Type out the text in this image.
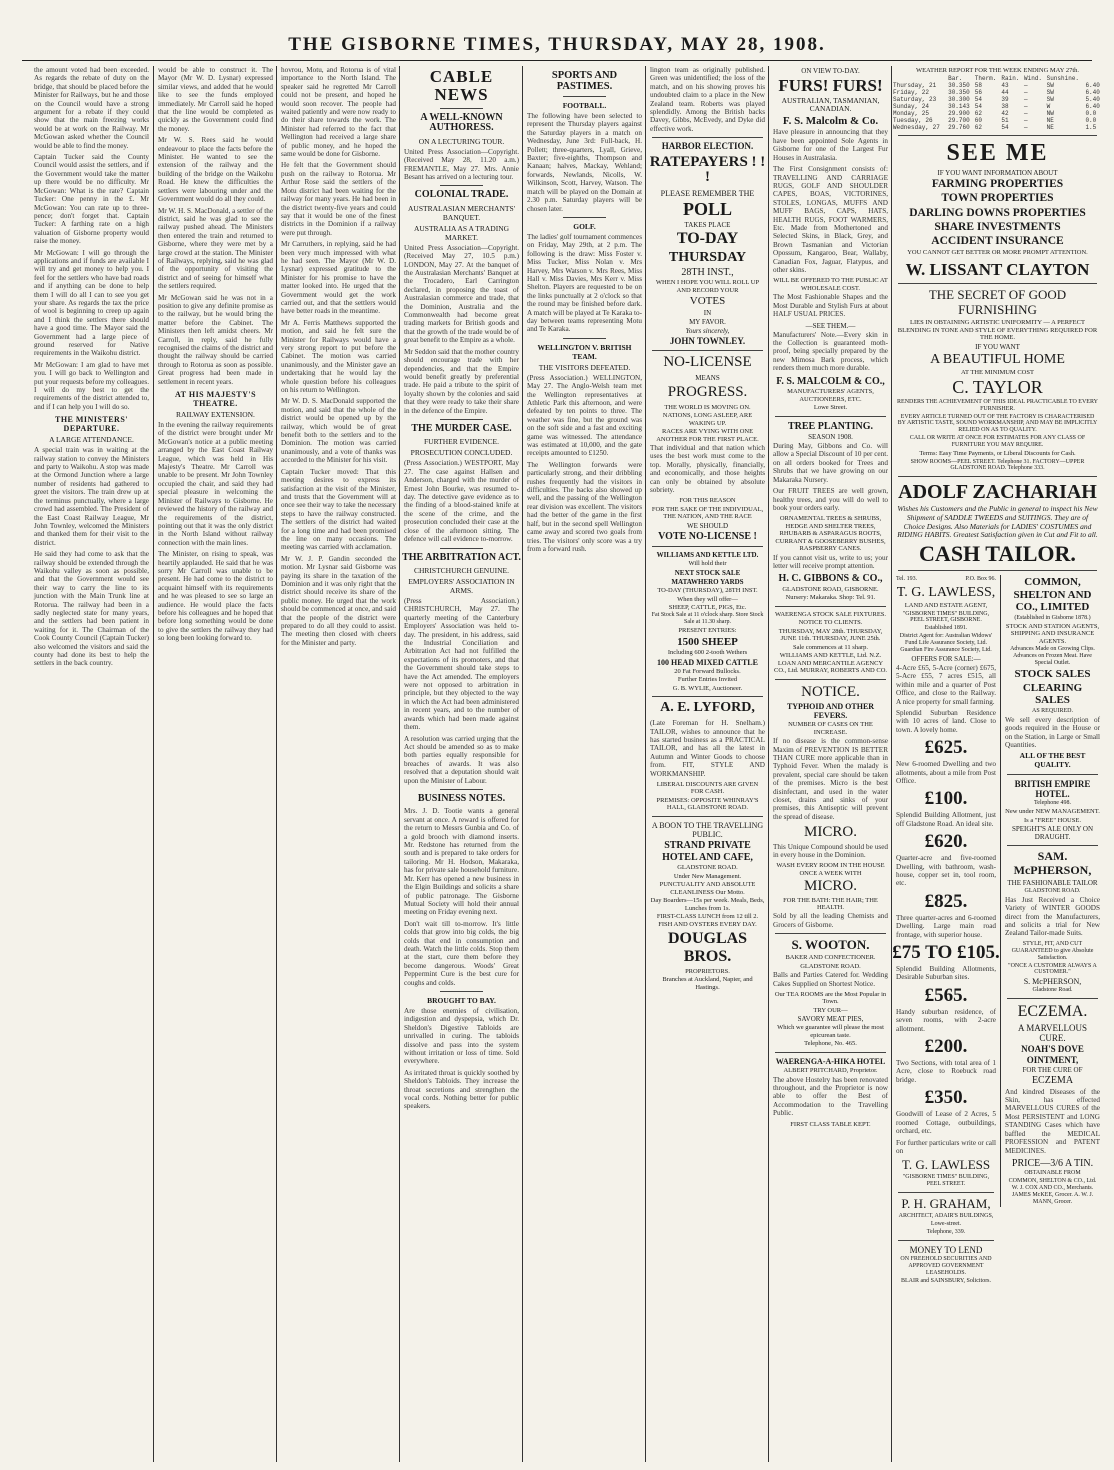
THE GISBORNE TIMES, THURSDAY, MAY 28, 1908.

the amount voted had been exceeded. As regards the rebate of duty on the bridge, that should be placed before the Minister for Railways, but he and those on the Council would have a strong argument for a rebate if they could show that the main freezing works would be at work on the Railway. Mr McGowan asked whether the Council would be able to find the money.

Captain Tucker said the County Council would assist the settlers, and if the Government would take the matter up there would be no difficulty. Mr McGowan: What is the rate? Captain Tucker: One penny in the £. Mr McGowan: You can rate up to three-pence; don't forget that. Captain Tucker: A farthing rate on a high valuation of Gisborne property would raise the money.

Mr McGowan: I will go through the applications and if funds are available I will try and get money to help you. I feel for the settlers who have bad roads and if anything can be done to help them I will do all I can to see you get your share. As regards the tax the price of wool is beginning to creep up again and I think the settlers there should have a good time. The Mayor said the Government had a large piece of ground reserved for Native requirements in the Waikohu district.

Mr McGowan: I am glad to have met you. I will go back to Wellington and put your requests before my colleagues. I will do my best to get the requirements of the district attended to, and if I can help you I will do so.

THE MINISTERS' DEPARTURE.
A LARGE ATTENDANCE.

A special train was in waiting at the railway station to convey the Ministers and party to Waikohu. A stop was made at the Ormond Junction where a large number of residents had gathered to greet the visitors. The train drew up at the terminus punctually, where a large crowd had assembled. The President of the East Coast Railway League, Mr John Townley, welcomed the Ministers and thanked them for their visit to the district.

He said they had come to ask that the railway should be extended through the Waikohu valley as soon as possible, and that the Government would see their way to carry the line to its junction with the Main Trunk line at Rotorua. The railway had been in a sadly neglected state for many years, and the settlers had been patient in waiting for it. The Chairman of the Cook County Council (Captain Tucker) also welcomed the visitors and said the county had done its best to help the settlers in the back country.

would be able to construct it. The Mayor (Mr W. D. Lysnar) expressed similar views, and added that he would like to see the funds employed immediately. Mr Carroll said he hoped that the line would be completed as quickly as the Government could find the money.

Mr W. S. Rees said he would endeavour to place the facts before the Minister. He wanted to see the extension of the railway and the building of the bridge on the Waikohu Road. He knew the difficulties the settlers were labouring under and the Government would do all they could.

Mr W. H. S. MacDonald, a settler of the district, said he was glad to see the railway pushed ahead. The Ministers then entered the train and returned to Gisborne, where they were met by a large crowd at the station. The Minister of Railways, replying, said he was glad of the opportunity of visiting the district and of seeing for himself what the settlers required.

Mr McGowan said he was not in a position to give any definite promise as to the railway, but he would bring the matter before the Cabinet. The Ministers then left amidst cheers. Mr Carroll, in reply, said he fully recognised the claims of the district and thought the railway should be carried through to Rotorua as soon as possible. Great progress had been made in settlement in recent years.

AT HIS MAJESTY'S THEATRE.
RAILWAY EXTENSION.

In the evening the railway requirements of the district were brought under Mr McGowan's notice at a public meeting arranged by the East Coast Railway League, which was held in His Majesty's Theatre. Mr Carroll was unable to be present. Mr John Townley occupied the chair, and said they had special pleasure in welcoming the Minister of Railways to Gisborne. He reviewed the history of the railway and the requirements of the district, pointing out that it was the only district in the North Island without railway connection with the main lines.

The Minister, on rising to speak, was heartily applauded. He said that he was sorry Mr Carroll was unable to be present. He had come to the district to acquaint himself with its requirements and he was pleased to see so large an audience. He would place the facts before his colleagues and he hoped that before long something would be done to give the settlers the railway they had so long been looking forward to.

hovrou, Motu, and Rotorua is of vital importance to the North Island. The speaker said he regretted Mr Carroll could not be present, and hoped he would soon recover. The people had waited patiently and were now ready to do their share towards the work. The Minister had referred to the fact that Wellington had received a large share of public money, and he hoped the same would be done for Gisborne.

He felt that the Government should push on the railway to Rotorua. Mr Arthur Rose said the settlers of the Motu district had been waiting for the railway for many years. He had been in the district twenty-five years and could say that it would be one of the finest districts in the Dominion if a railway were put through.

Mr Carruthers, in replying, said he had been very much impressed with what he had seen. The Mayor (Mr W. D. Lysnar) expressed gratitude to the Minister for his promise to have the matter looked into. He urged that the Government would get the work carried out, and that the settlers would have better roads in the meantime.

Mr A. Ferris Matthews supported the motion, and said he felt sure the Minister for Railways would have a very strong report to put before the Cabinet. The motion was carried unanimously, and the Minister gave an undertaking that he would lay the whole question before his colleagues on his return to Wellington.

Mr W. D. S. MacDonald supported the motion, and said that the whole of the district would be opened up by the railway, which would be of great benefit both to the settlers and to the Dominion. The motion was carried unanimously, and a vote of thanks was accorded to the Minister for his visit.

Captain Tucker moved: That this meeting desires to express its satisfaction at the visit of the Minister, and trusts that the Government will at once see their way to take the necessary steps to have the railway constructed. The settlers of the district had waited for a long time and had been promised the line on many occasions. The meeting was carried with acclamation.

Mr W. J. P. Gandin seconded the motion. Mr Lysnar said Gisborne was paying its share in the taxation of the Dominion and it was only right that the district should receive its share of the public money. He urged that the work should be commenced at once, and said that the people of the district were prepared to do all they could to assist. The meeting then closed with cheers for the Minister and party.

CABLE NEWS
A WELL-KNOWN AUTHORESS.
ON A LECTURING TOUR.

United Press Association—Copyright. (Received May 28, 11.20 a.m.) FREMANTLE, May 27. Mrs. Annie Besant has arrived on a lecturing tour.

COLONIAL TRADE.
AUSTRALASIAN MERCHANTS' BANQUET.
AUSTRALIA AS A TRADING MARKET.

United Press Association—Copyright. (Received May 27, 10.5 p.m.) LONDON, May 27. At the banquet of the Australasian Merchants' Banquet at the Trocadero, Earl Carrington declared, in proposing the toast of Australasian commerce and trade, that the Dominion, Australia and the Commonwealth had become great trading markets for British goods and that the growth of the trade would be of great benefit to the Empire as a whole.

Mr Seddon said that the mother country should encourage trade with her dependencies, and that the Empire would benefit greatly by preferential trade. He paid a tribute to the spirit of loyalty shown by the colonies and said that they were ready to take their share in the defence of the Empire.

THE MURDER CASE.
FURTHER EVIDENCE.
PROSECUTION CONCLUDED.

(Press Association.) WESTPORT, May 27. The case against Hallsen and Anderson, charged with the murder of Ernest John Bourke, was resumed to-day. The detective gave evidence as to the finding of a blood-stained knife at the scene of the crime, and the prosecution concluded their case at the close of the afternoon sitting. The defence will call evidence to-morrow.

THE ARBITRATION ACT.
CHRISTCHURCH GENUINE.
EMPLOYERS' ASSOCIATION IN ARMS.

(Press Association.) CHRISTCHURCH, May 27. The quarterly meeting of the Canterbury Employers' Association was held to-day. The president, in his address, said the Industrial Conciliation and Arbitration Act had not fulfilled the expectations of its promoters, and that the Government should take steps to have the Act amended. The employers were not opposed to arbitration in principle, but they objected to the way in which the Act had been administered in recent years, and to the number of awards which had been made against them.

A resolution was carried urging that the Act should be amended so as to make both parties equally responsible for breaches of awards. It was also resolved that a deputation should wait upon the Minister of Labour.

BUSINESS NOTES.

Mrs. J. D. Tootie wants a general servant at once. A reward is offered for the return to Messrs Gunbia and Co. of a gold brooch with diamond inserts. Mr. Redstone has returned from the south and is prepared to take orders for tailoring. Mr H. Hodson, Makaraka, has for private sale household furniture. Mr. Kerr has opened a new business in the Elgin Buildings and solicits a share of public patronage. The Gisborne Mutual Society will hold their annual meeting on Friday evening next.

Don't wait till to-morrow. It's little colds that grow into big colds, the big colds that end in consumption and death. Watch the little colds. Stop them at the start, cure them before they become dangerous. Woods' Great Peppermint Cure is the best cure for coughs and colds.

BROUGHT TO BAY.

Are those enemies of civilisation, indigestion and dyspepsia, which Dr. Sheldon's Digestive Tabloids are unrivalled in curing. The tabloids dissolve and pass into the system without irritation or loss of time. Sold everywhere.

As irritated throat is quickly soothed by Sheldon's Tabloids. They increase the throat secretions and strengthen the vocal cords. Nothing better for public speakers.

SPORTS AND PASTIMES.
FOOTBALL.

The following have been selected to represent the Thursday players against the Saturday players in a match on Wednesday, June 3rd: Full-back, H. Pollett; three-quarters, Lyall, Grieve, Baxter; five-eighths, Thompson and Kanaan; halves, Mackay, Wehland; forwards, Newlands, Nicolls, W. Wilkinson, Scott, Harvey, Watson. The match will be played on the Domain at 2.30 p.m. Saturday players will be chosen later.

GOLF.

The ladies' golf tournament commences on Friday, May 29th, at 2 p.m. The following is the draw: Miss Foster v. Miss Tucker, Miss Nolan v. Mrs Harvey, Mrs Watson v. Mrs Rees, Miss Hall v. Miss Davies, Mrs Kerr v. Miss Shelton. Players are requested to be on the links punctually at 2 o'clock so that the round may be finished before dark. A match will be played at Te Karaka to-day between teams representing Motu and Te Karaka.

WELLINGTON V. BRITISH TEAM.
THE VISITORS DEFEATED.

(Press Association.) WELLINGTON, May 27. The Anglo-Welsh team met the Wellington representatives at Athletic Park this afternoon, and were defeated by ten points to three. The weather was fine, but the ground was on the soft side and a fast and exciting game was witnessed. The attendance was estimated at 10,000, and the gate receipts amounted to £1250.

The Wellington forwards were particularly strong, and their dribbling rushes frequently had the visitors in difficulties. The backs also showed up well, and the passing of the Wellington rear division was excellent. The visitors had the better of the game in the first half, but in the second spell Wellington came away and scored two goals from tries. The visitors' only score was a try from a forward rush.

lington team as originally published. Green was unidentified; the loss of the match, and on his showing proves his undoubted claim to a place in the New Zealand team. Roberts was played splendidly. Among the British backs Davey, Gibbs, McEvedy, and Dyke did effective work.

HARBOR ELECTION.
RATEPAYERS ! ! !
PLEASE REMEMBER THE
POLL
TAKES PLACE
TO-DAY
THURSDAY
28TH INST.,
WHEN I HOPE YOU WILL ROLL UP AND RECORD YOUR
VOTES
IN
MY FAVOR.
Yours sincerely,
JOHN TOWNLEY.
NO-LICENSE
MEANS
PROGRESS.
THE WORLD IS MOVING ON.
NATIONS, LONG ASLEEP, ARE WAKING UP.
RACES ARE VYING WITH ONE ANOTHER FOR THE FIRST PLACE.

That individual and that nation which uses the best work must come to the top. Morally, physically, financially, and economically, and those heights can only be obtained by absolute sobriety.

FOR THIS REASON
FOR THE SAKE OF THE INDIVIDUAL, THE NATION, AND THE RACE
WE SHOULD
VOTE NO-LICENSE !
WILLIAMS AND KETTLE LTD.
Will hold their
NEXT STOCK SALE
MATAWHERO YARDS
TO-DAY (THURSDAY), 28TH INST.
When they will offer—
SHEEP, CATTLE, PIGS, Etc.
Fat Stock Sale at 11 o'clock sharp. Store Stock Sale at 11.30 sharp.
PRESENT ENTRIES:
1500 SHEEP
Including 600 2-tooth Wethers
100 HEAD MIXED CATTLE
20 Fat Forward Bullocks.
Further Entries Invited
G. B. WYLIE, Auctioneer.
A. E. LYFORD,

(Late Foreman for H. Snelham.) TAILOR, wishes to announce that he has started business as a PRACTICAL TAILOR, and has all the latest in Autumn and Winter Goods to choose from. FIT, STYLE AND WORKMANSHIP.

LIBERAL DISCOUNTS ARE GIVEN FOR CASH.
PREMISES: OPPOSITE WHINRAY'S HALL, GLADSTONE ROAD.
A BOON TO THE TRAVELLING PUBLIC.
STRAND PRIVATE HOTEL AND CAFE,
GLADSTONE ROAD.
Under New Management.
PUNCTUALITY AND ABSOLUTE CLEANLINESS Our Motto.
Day Boarders—15s per week. Meals, Beds, Lunches from 1s.
FIRST-CLASS LUNCH from 12 till 2.
FISH AND OYSTERS EVERY DAY.
DOUGLAS BROS.
PROPRIETORS.
Branches at Auckland, Napier, and Hastings.
ON VIEW TO-DAY.
FURS! FURS!
AUSTRALIAN, TASMANIAN, CANADIAN.
F. S. Malcolm & Co.

Have pleasure in announcing that they have been appointed Sole Agents in Gisborne for one of the Largest Fur Houses in Australasia.

The First Consignment consists of: TRAVELLING AND CARRIAGE RUGS, GOLF AND SHOULDER CAPES, BOAS, VICTORINES, STOLES, LONGAS, MUFFS AND MUFF BAGS, CAPS, HATS, HEALTH RUGS, FOOT WARMERS, Etc. Made from Mothertoned and Selected Skins, in Black, Grey, and Brown Tasmanian and Victorian Opossum, Kangaroo, Bear, Wallaby, Canadian Fox, Jaguar, Flatypus, and other skins.

WILL BE OFFERED TO THE PUBLIC AT WHOLESALE COST.

The Most Fashionable Shapes and the Most Durable and Stylish Furs at about HALF USUAL PRICES.

—SEE THEM.—

Manufacturers' Note.—Every skin in the Collection is guaranteed moth-proof, being specially prepared by the new Mimosa Bark process, which renders them much more durable.

F. S. MALCOLM & CO.,
MANUFACTURERS' AGENTS, AUCTIONEERS, ETC.
Lowe Street.
TREE PLANTING.
SEASON 1908.

During May, Gibbons and Co. will allow a Special Discount of 10 per cent. on all orders booked for Trees and Shrubs that we have growing on our Makaraka Nursery.

Our FRUIT TREES are well grown, healthy trees, and you will do well to book your orders early.

ORNAMENTAL TREES & SHRUBS, HEDGE AND SHELTER TREES, RHUBARB & ASPARAGUS ROOTS, CURRANT & GOOSEBERRY BUSHES, RASPBERRY CANES.

If you cannot visit us, write to us; your letter will receive prompt attention.

H. C. GIBBONS & CO.,
GLADSTONE ROAD, GISBORNE.
Nursery: Makaraka. Shop: Tel. 91.
WAERENGA STOCK SALE FIXTURES.
NOTICE TO CLIENTS.
THURSDAY, MAY 28th. THURSDAY, JUNE 11th. THURSDAY, JUNE 25th.
Sale commences at 11 sharp.
WILLIAMS AND KETTLE, Ltd. N.Z. LOAN AND MERCANTILE AGENCY CO., Ltd. MURRAY, ROBERTS AND CO.
NOTICE.
TYPHOID AND OTHER FEVERS.
NUMBER OF CASES ON THE INCREASE.

If no disease is the common-sense Maxim of PREVENTION IS BETTER THAN CURE more applicable than in Typhoid Fever. When the malady is prevalent, special care should be taken of the premises. Micro is the best disinfectant, and used in the water closet, drains and sinks of your premises, this Antiseptic will prevent the spread of disease.

MICRO.

This Unique Compound should be used in every house in the Dominion.

WASH EVERY ROOM IN THE HOUSE ONCE A WEEK WITH
MICRO.
FOR THE BATH: THE HAIR; THE HEALTH.

Sold by all the leading Chemists and Grocers of Gisborne.

S. WOOTON.
BAKER AND CONFECTIONER.
GLADSTONE ROAD.

Balls and Parties Catered for. Wedding Cakes Supplied on Shortest Notice.

Our TEA ROOMS are the Most Popular in Town.
TRY OUR—
SAVORY MEAT PIES,
Which we guarantee will please the most epicurean taste.
Telephone, No. 465.
WAERENGA-A-HIKA HOTEL
ALBERT PRITCHARD, Proprietor.

The above Hostelry has been renovated throughout, and the Proprietor is now able to offer the Best of Accommodation to the Travelling Public.

FIRST CLASS TABLE KEPT.
WEATHER REPORT FOR THE WEEK ENDING MAY 27th.
	Bar.	Therm.	Rain.	Wind.	Sunshine.	
Thursday, 21	30.350	58	43	—	SW	6.40
Friday, 22	30.350	56	44	—	SW	6.40
Saturday, 23	30.300	54	39	—	SW	5.40
Sunday, 24	30.143	54	38	—	W	6.40
Monday, 25	29.900	62	42	—	NW	0.0
Tuesday, 26	29.700	60	51	—	NE	0.0
Wednesday, 27	29.760	62	54	—	NE	1.5
SEE ME
IF YOU WANT INFORMATION ABOUT
FARMING PROPERTIES
TOWN PROPERTIES
DARLING DOWNS PROPERTIES
SHARE INVESTMENTS
ACCIDENT INSURANCE
YOU CANNOT GET BETTER OR MORE PROMPT ATTENTION.
W. LISSANT CLAYTON
THE SECRET OF GOOD FURNISHING
LIES IN OBTAINING ARTISTIC UNIFORMITY — A PERFECT BLENDING IN TONE AND STYLE OF EVERYTHING REQUIRED FOR THE HOME.
IF YOU WANT
A BEAUTIFUL HOME
AT THE MINIMUM COST
C. TAYLOR
RENDERS THE ACHIEVEMENT OF THIS IDEAL PRACTICABLE TO EVERY FURNISHER.
EVERY ARTICLE TURNED OUT OF THE FACTORY IS CHARACTERISED BY ARTISTIC TASTE, SOUND WORKMANSHIP, AND MAY BE IMPLICITLY RELIED ON AS TO QUALITY.
CALL OR WRITE AT ONCE FOR ESTIMATES FOR ANY CLASS OF FURNITURE YOU MAY REQUIRE.
Terms: Easy Time Payments, or Liberal Discounts for Cash.
SHOW ROOMS—PEEL STREET. Telephone 31. FACTORY—UPPER GLADSTONE ROAD. Telephone 333.
ADOLF ZACHARIAH
Wishes his Customers and the Public in general to inspect his New Shipment of SADDLE TWEEDS and SUITINGS. They are of Choice Designs. Also Materials for LADIES' COSTUMES and RIDING HABITS. Greatest Satisfaction given in Cut and Fit to all.
CASH TAILOR.
Tel. 193.	P.O. Box 96.
T. G. LAWLESS,
LAND AND ESTATE AGENT,
"GISBORNE TIMES" BUILDING, PEEL STREET, GISBORNE.
Established 1891.
District Agent for: Australian Widows' Fund Life Assurance Society, Ltd. Guardian Fire Assurance Society, Ltd.
OFFERS FOR SALE:—

4-Acre £65, 5-Acre (corner) £675, 5-Acre £55, 7 acres £515, all within mile and a quarter of Post Office, and close to the Railway. A nice property for small farming.

Splendid Suburban Residence with 10 acres of land. Close to town. A lovely home.

£625.

New 6-roomed Dwelling and two allotments, about a mile from Post Office.

£100.

Splendid Building Allotment, just off Gladstone Road. An ideal site.

£620.

Quarter-acre and five-roomed Dwelling, with bathroom, wash-house, copper set in, tool room, etc.

£825.

Three quarter-acres and 6-roomed Dwelling. Large main road frontage, with superior house.

£75 TO £105.

Splendid Building Allotments, Desirable Suburban sites.

£565.

Handy suburban residence, of seven rooms, with 2-acre allotment.

£200.

Two Sections, with total area of 1 Acre, close to Roebuck road bridge.

£350.

Goodwill of Lease of 2 Acres, 5 roomed Cottage, outbuildings, orchard, etc.

For further particulars write or call on

T. G. LAWLESS
"GISBORNE TIMES" BUILDING, PEEL STREET.
P. H. GRAHAM,
ARCHITECT, ADAIR'S BUILDINGS,
Lowe-street.
Telephone, 339.
MONEY TO LEND
ON FREEHOLD SECURITIES AND APPROVED GOVERNMENT LEASEHOLDS.
BLAIR and SAINSBURY, Solicitors.
COMMON, SHELTON AND CO., LIMITED
(Established in Gisborne 1878.)
STOCK AND STATION AGENTS, SHIPPING AND INSURANCE AGENTS.
Advances Made on Growing Clips. Advances on Frozen Meat. Have Special Outlet.
STOCK SALES
CLEARING SALES
AS REQUIRED.

We sell every description of goods required in the House or on the Station, in Large or Small Quantities.

ALL OF THE BEST QUALITY.
BRITISH EMPIRE HOTEL.
Telephone 498.
New under NEW MANAGEMENT.
Is a "FREE" HOUSE.
SPEIGHT'S ALE ONLY ON DRAUGHT.
SAM. McPHERSON,
THE FASHIONABLE TAILOR
GLADSTONE ROAD.

Has Just Received a Choice Variety of WINTER GOODS direct from the Manufacturers, and solicits a trial for New Zealand Tailor-made Suits.

STYLE, FIT, AND CUT GUARANTEED to give Absolute Satisfaction.
"ONCE A CUSTOMER ALWAYS A CUSTOMER."
S. McPHERSON,
Gladstone Road.
ECZEMA.
A MARVELLOUS CURE.
NOAH'S DOVE OINTMENT,
FOR THE CURE OF
ECZEMA

And kindred Diseases of the Skin, has effected MARVELLOUS CURES of the Most PERSISTENT and LONG STANDING Cases which have baffled the MEDICAL PROFESSION and PATENT MEDICINES.

PRICE—3/6 A TIN.
OBTAINABLE FROM
COMMON, SHELTON & CO., Ltd. W. J. COX AND CO., Merchants. JAMES McKEE, Grocer. A. W. J. MANN, Grocer.
